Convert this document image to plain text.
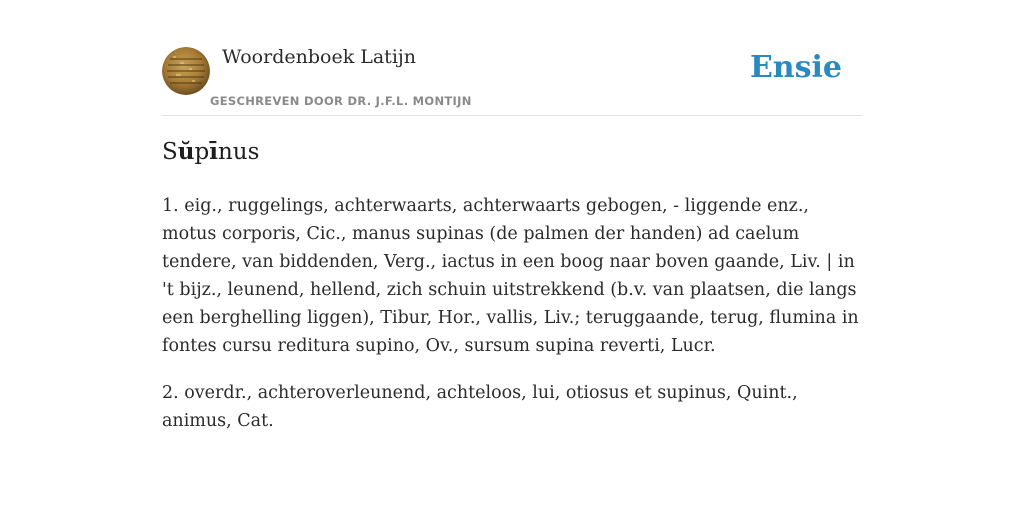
Woordenboek Latijn
GESCHREVEN DOOR DR. J.F.L. MONTIJN
Ensie
Sŭpīnus

1. eig., ruggelings, achterwaarts, achterwaarts gebogen, - liggende enz., motus corporis, Cic., manus supinas (de palmen der handen) ad caelum tendere, van biddenden, Verg., iactus in een boog naar boven gaande, Liv. | in 't bijz., leunend, hellend, zich schuin uitstrekkend (b.v. van plaatsen, die langs een berghelling liggen), Tibur, Hor., vallis, Liv.; teruggaande, terug, flumina in fontes cursu reditura supino, Ov., sursum supina reverti, Lucr.

2. overdr., achteroverleunend, achteloos, lui, otiosus et supinus, Quint., animus, Cat.
